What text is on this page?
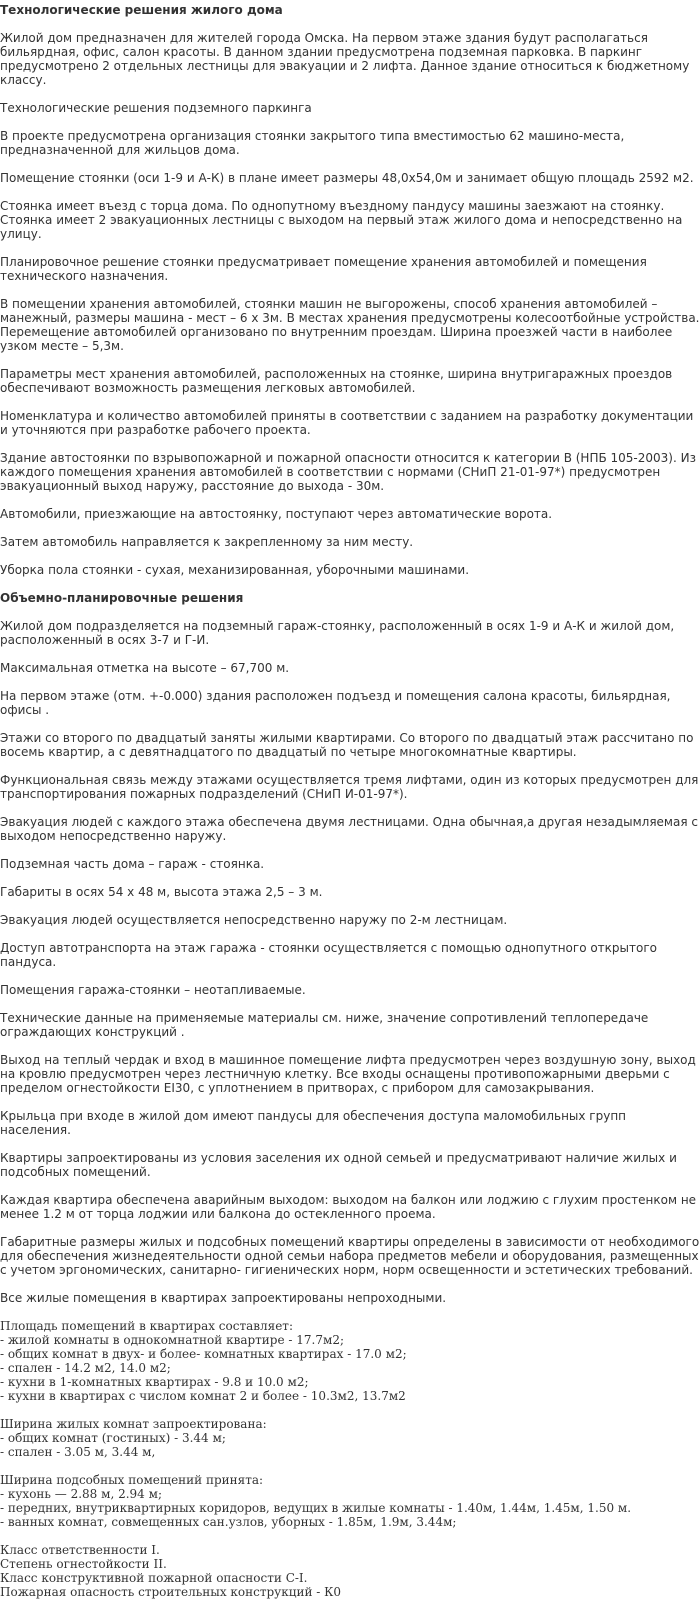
Технологические решения жилого дома
Жилой дом предназначен для жителей города Омска. На первом этаже здания будут располагаться бильярдная, офис, салон красоты. В данном здании предусмотрена подземная парковка. В паркинг предусмотрено 2 отдельных лестницы для эвакуации и 2 лифта. Данное здание относиться к бюджетному классу.
Технологические решения подземного паркинга
В проекте предусмотрена организация стоянки закрытого типа вместимостью 62 машино-места, предназначенной для жильцов дома.
Помещение стоянки (оси 1-9 и А-К) в плане имеет размеры 48,0х54,0м и занимает общую площадь 2592 м2.
Стоянка имеет въезд с торца дома. По однопутному въездному пандусу машины заезжают на стоянку. Стоянка имеет 2 эвакуационных лестницы с выходом на первый этаж жилого дома и непосредственно на улицу.
Планировочное решение стоянки предусматривает помещение хранения автомобилей и помещения технического назначения.
В помещении хранения автомобилей, стоянки машин не выгорожены, способ хранения автомобилей – манежный, размеры машина - мест – 6 х 3м. В местах хранения предусмотрены колесоотбойные устройства. Перемещение автомобилей организовано по внутренним проездам. Ширина проезжей части в наиболее узком месте – 5,3м.
Параметры мест хранения автомобилей, расположенных на стоянке, ширина внутригаражных проездов обеспечивают возможность размещения легковых автомобилей.
Номенклатура и количество автомобилей приняты в соответствии с заданием на разработку документации и уточняются при разработке рабочего проекта.
Здание автостоянки по взрывопожарной и пожарной опасности относится к категории В (НПБ 105-2003). Из каждого помещения хранения автомобилей в соответствии с нормами (СНиП 21-01-97*) предусмотрен эвакуационный выход наружу, расстояние до выхода - 30м.
Автомобили, приезжающие на автостоянку, поступают через автоматические ворота.
Затем автомобиль направляется к закрепленному за ним месту.
Уборка пола стоянки - сухая, механизированная, уборочными машинами.
Объемно-планировочные решения
Жилой дом подразделяется на подземный гараж-стоянку, расположенный в осях 1-9 и А-К и жилой дом, расположенный в осях 3-7 и Г-И.
Максимальная отметка на высоте – 67,700 м.
На первом этаже (отм. +-0.000) здания расположен подъезд и помещения салона красоты, бильярдная, офисы .
Этажи со второго по двадцатый заняты жилыми квартирами. Со второго по двадцатый этаж рассчитано по восемь квартир, а с девятнадцатого по двадцатый по четыре многокомнатные квартиры.
Функциональная связь между этажами осуществляется тремя лифтами, один из которых предусмотрен для транспортирования пожарных подразделений (СНиП И-01-97*).
Эвакуация людей с каждого этажа обеспечена двумя лестницами. Одна обычная,а другая незадымляемая с выходом непосредственно наружу.
Подземная часть дома – гараж - стоянка.
Габариты в осях 54 х 48 м, высота этажа 2,5 – 3 м.
Эвакуация людей осуществляется непосредственно наружу по 2-м лестницам.
Доступ автотранспорта на этаж гаража - стоянки осуществляется с помощью однопутного открытого пандуса.
Помещения гаража-стоянки – неотапливаемые.
Технические данные на применяемые материалы см. ниже, значение сопротивлений теплопередаче ограждающих конструкций .
Выход на теплый чердак и вход в машинное помещение лифта предусмотрен через воздушную зону, выход на кровлю предусмотрен через лестничную клетку. Все входы оснащены противопожарными дверьми с пределом огнестойкости EI30, с уплотнением в притворах, с прибором для самозакрывания.
Крыльца при входе в жилой дом имеют пандусы для обеспечения доступа маломобильных групп населения.
Квартиры запроектированы из условия заселения их одной семьей и предусматривают наличие жилых и подсобных помещений.
Каждая квартира обеспечена аварийным выходом: выходом на балкон или лоджию с глухим простенком не менее 1.2 м от торца лоджии или балкона до остекленного проема.
Габаритные размеры жилых и подсобных помещений квартиры определены в зависимости от необходимого для обеспечения жизнедеятельности одной семьи набора предметов мебели и оборудования, размещенных с учетом эргономических, санитарно- гигиенических норм, норм освещенности и эстетических требований.
Все жилые помещения в квартирах запроектированы непроходными.
Площадь помещений в квартирах составляет:
- жилой комнаты в однокомнатной квартире - 17.7м2;
- общих комнат в двух- и более- комнатных квартирах - 17.0 м2;
- спален - 14.2 м2, 14.0 м2;
- кухни в 1-комнатных квартирах - 9.8 и 10.0 м2;
- кухни в квартирах с числом комнат 2 и более - 10.3м2, 13.7м2
Ширина жилых комнат запроектирована:
- общих комнат (гостиных) - 3.44 м;
- спален - 3.05 м, 3.44 м,
Ширина подсобных помещений принята:
- кухонь — 2.88 м, 2.94 м;
- передних, внутриквартирных коридоров, ведущих в жилые комнаты - 1.40м, 1.44м, 1.45м, 1.50 м.
- ванных комнат, совмещенных сан.узлов, уборных - 1.85м, 1.9м, 3.44м;
Класс ответственности I.
Степень огнестойкости II.
Класс конструктивной пожарной опасности С-I.
Пожарная опасность строительных конструкций - К0
